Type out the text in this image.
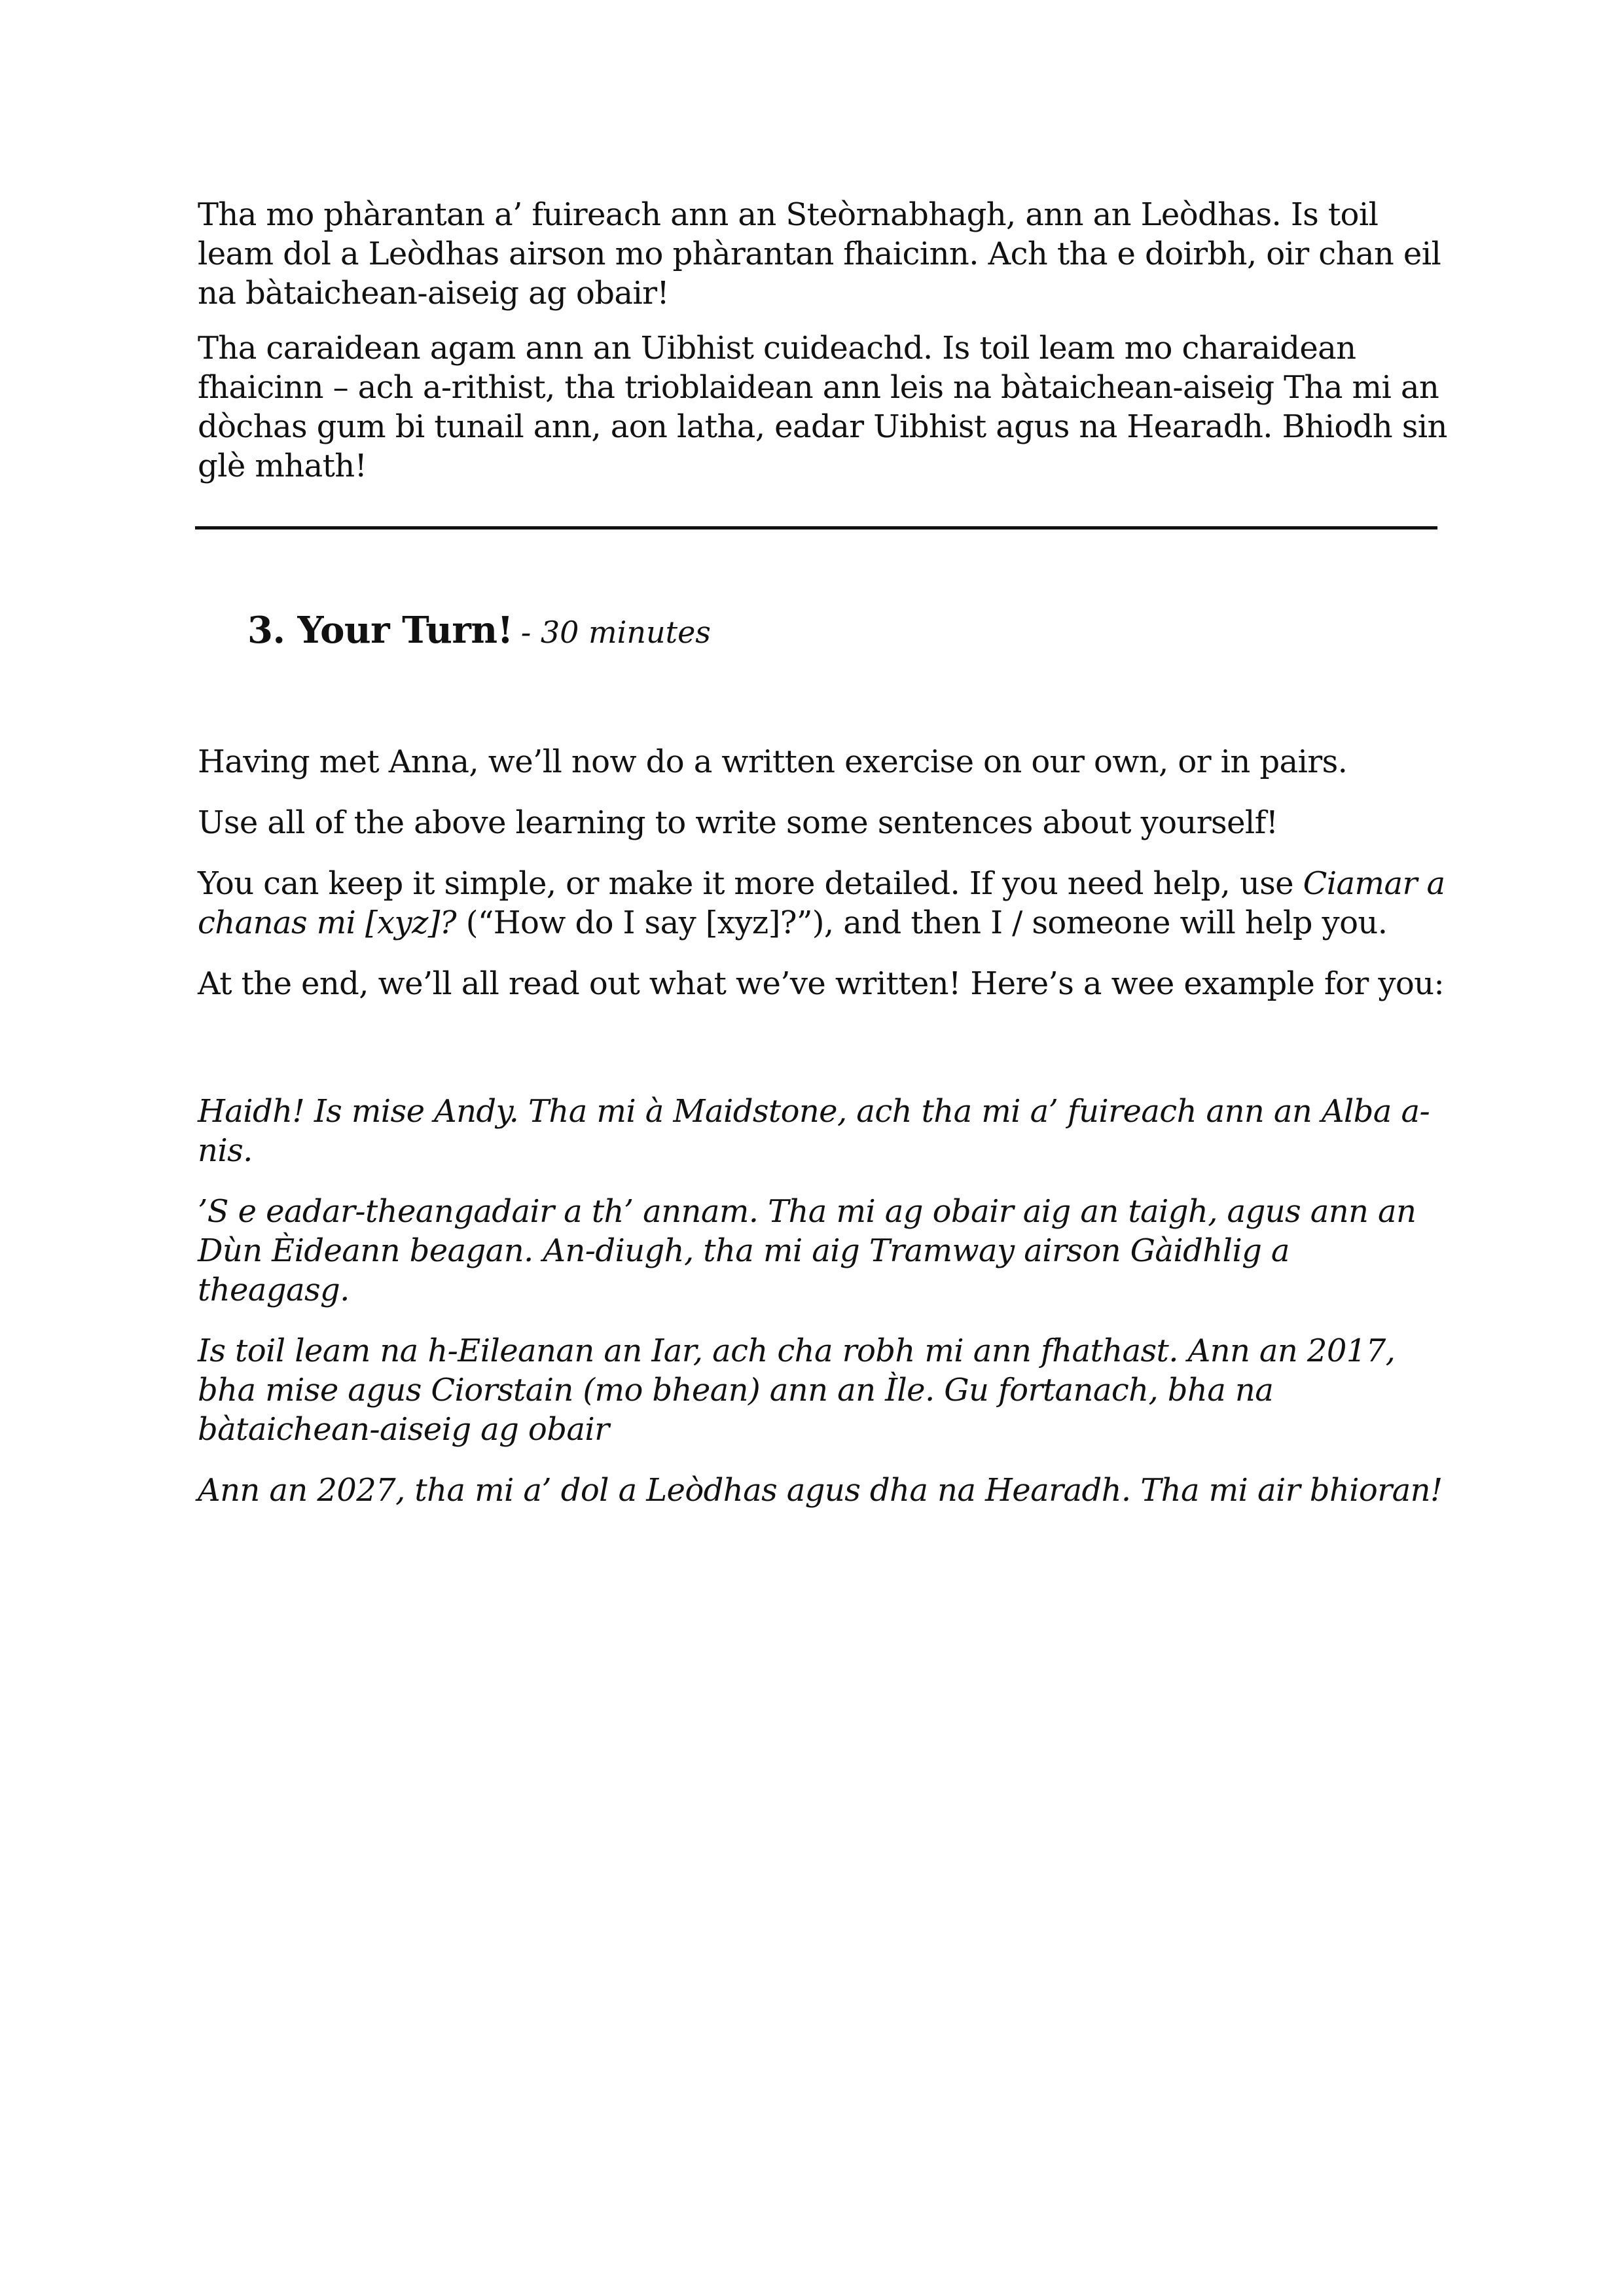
Tha mo phàrantan a’ fuireach ann an Steòrnabhagh, ann an Leòdhas. Is toil leam dol a Leòdhas airson mo phàrantan fhaicinn. Ach tha e doirbh, oir chan eil na bàtaichean-aiseig ag obair!

Tha caraidean agam ann an Uibhist cuideachd. Is toil leam mo charaidean fhaicinn – ach a-rithist, tha trioblaidean ann leis na bàtaichean-aiseig Tha mi an dòchas gum bi tunail ann, aon latha, eadar Uibhist agus na Hearadh. Bhiodh sin glè mhath!

3. Your Turn! - 30 minutes

Having met Anna, we’ll now do a written exercise on our own, or in pairs.

Use all of the above learning to write some sentences about yourself!

You can keep it simple, or make it more detailed. If you need help, use Ciamar a chanas mi [xyz]? (“How do I say [xyz]?”), and then I / someone will help you.

At the end, we’ll all read out what we’ve written! Here’s a wee example for you:

Haidh! Is mise Andy. Tha mi à Maidstone, ach tha mi a’ fuireach ann an Alba a-nis.

’S e eadar-theangadair a th’ annam. Tha mi ag obair aig an taigh, agus ann an Dùn Èideann beagan. An-diugh, tha mi aig Tramway airson Gàidhlig a theagasg.

Is toil leam na h-Eileanan an Iar, ach cha robh mi ann fhathast. Ann an 2017, bha mise agus Ciorstain (mo bhean) ann an Ìle. Gu fortanach, bha na bàtaichean-aiseig ag obair

Ann an 2027, tha mi a’ dol a Leòdhas agus dha na Hearadh. Tha mi air bhioran!
